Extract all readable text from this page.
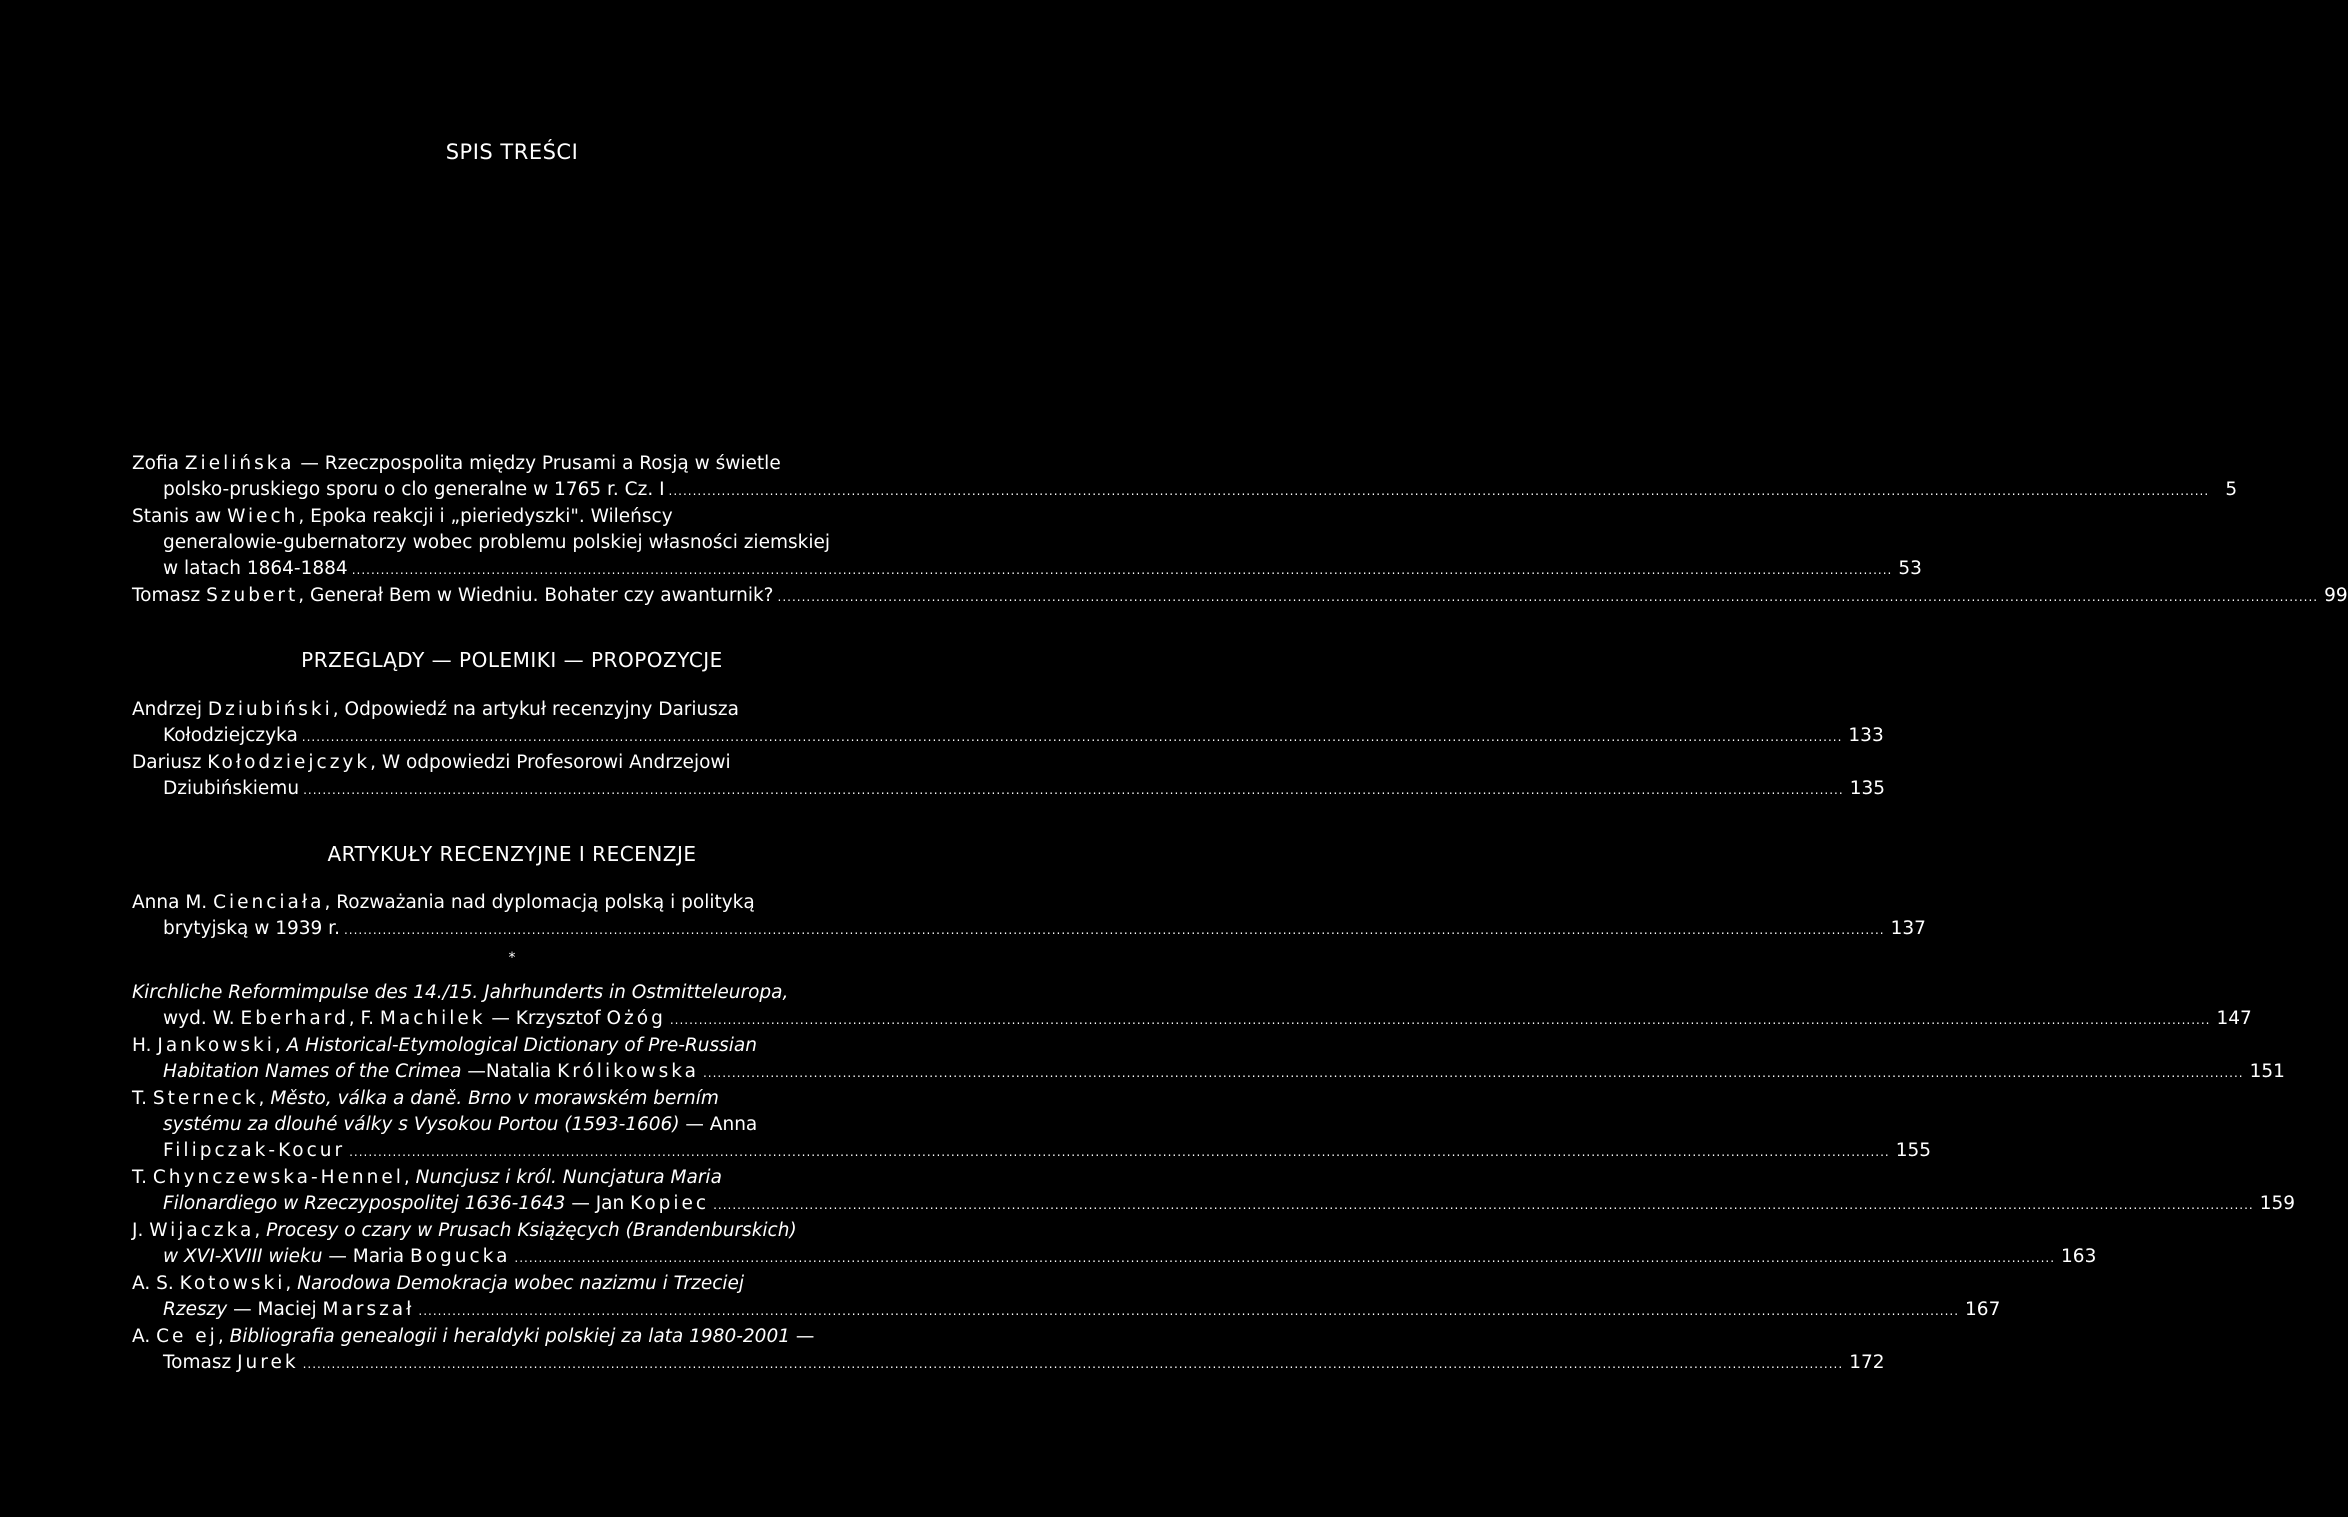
SPIS TREŚCI
Zofia Zielińska — Rzeczpospolita między Prusami a Rosją w świetle
polsko-pruskiego sporu o clo generalne w 1765 r. Cz. I .....	5
Stanis aw Wiech, Epoka reakcji i „pieriedyszki". Wileńscy
generalowie-gubernatorzy wobec problemu polskiej własności ziemskiej
w latach 1864-1884 .....	53
Tomasz Szubert, Generał Bem w Wiedniu. Bohater czy awanturnik? .....	99
PRZEGLĄDY — POLEMIKI — PROPOZYCJE
Andrzej Dziubiński, Odpowiedź na artykuł recenzyjny Dariusza
Kołodziejczyka .....	133
Dariusz Kołodziejczyk, W odpowiedzi Profesorowi Andrzejowi
Dziubińskiemu .....	135
ARTYKUŁY RECENZYJNE I RECENZJE
Anna M. Cienciała, Rozważania nad dyplomacją polską i polityką
brytyjską w 1939 r. .....	137
*
Kirchliche Reformimpulse des 14./15. Jahrhunderts in Ostmitteleuropa,
wyd. W. Eberhard, F. Machilek — Krzysztof Ożóg .....	147
H. Jankowski, A Historical-Etymological Dictionary of Pre-Russian
Habitation Names of the Crimea —Natalia Królikowska .....	151
T. Sterneck, Město, válka a daně. Brno v morawském berním
systému za dlouhé války s Vysokou Portou (1593-1606) — Anna
Filipczak-Kocur .....	155
T. Chynczewska-Hennel, Nuncjusz i król. Nuncjatura Maria
Filonardiego w Rzeczypospolitej 1636-1643 — Jan Kopiec .....	159
J. Wijaczka, Procesy o czary w Prusach Książęcych (Brandenburskich)
w XVI-XVIII wieku — Maria Bogucka .....	163
A. S. Kotowski, Narodowa Demokracja wobec nazizmu i Trzeciej
Rzeszy — Maciej Marszał .....	167
A. Ce ej, Bibliografia genealogii i heraldyki polskiej za lata 1980-2001 —
Tomasz Jurek .....	172
